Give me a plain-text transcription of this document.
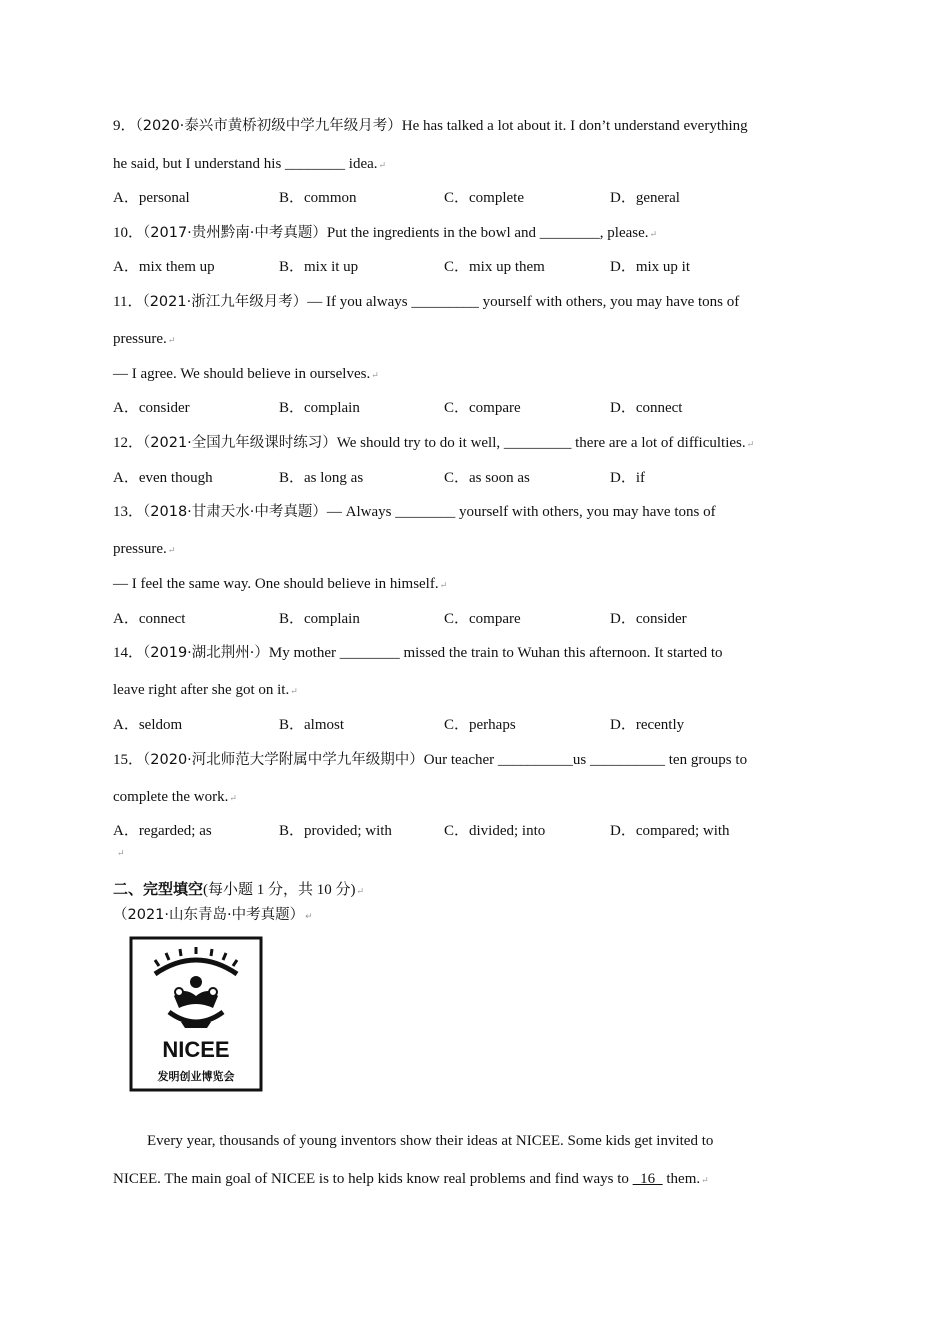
9．（2020·泰兴市黄桥初级中学九年级月考）He has talked a lot about it. I don’t understand everything
he said, but I understand his ________ idea.↵
A．personal	B．common	C．complete	D．general
10．（2017·贵州黔南·中考真题）Put the ingredients in the bowl and ________, please.↵
A．mix them up	B．mix it up	C．mix up them	D．mix up it
11．（2021·浙江九年级月考）— If you always _________ yourself with others, you may have tons of
pressure.↵
— I agree. We should believe in ourselves.↵
A．consider	B．complain	C．compare	D．connect
12．（2021·全国九年级课时练习）We should try to do it well, _________ there are a lot of difficulties.↵
A．even though	B．as long as	C．as soon as	D．if
13．（2018·甘肃天水·中考真题）— Always ________ yourself with others, you may have tons of
pressure.↵
— I feel the same way. One should believe in himself.↵
A．connect	B．complain	C．compare	D．consider
14．（2019·湖北荆州·）My mother ________ missed the train to Wuhan this afternoon. It started to
leave right after she got on it.↵
A．seldom	B．almost	C．perhaps	D．recently
15．（2020·河北师范大学附属中学九年级期中）Our teacher __________us __________ ten groups to
complete the work.↵
A．regarded; as	B．provided; with	C．divided; into	D．compared; with
↵
二、完型填空(每小题 1 分，共 10 分)↵
（2021·山东青岛·中考真题）↵
NICEE
发明创业博览会
Every year, thousands of young inventors show their ideas at NICEE. Some kids get invited to
NICEE. The main goal of NICEE is to help kids know real problems and find ways to   16   them.↵
